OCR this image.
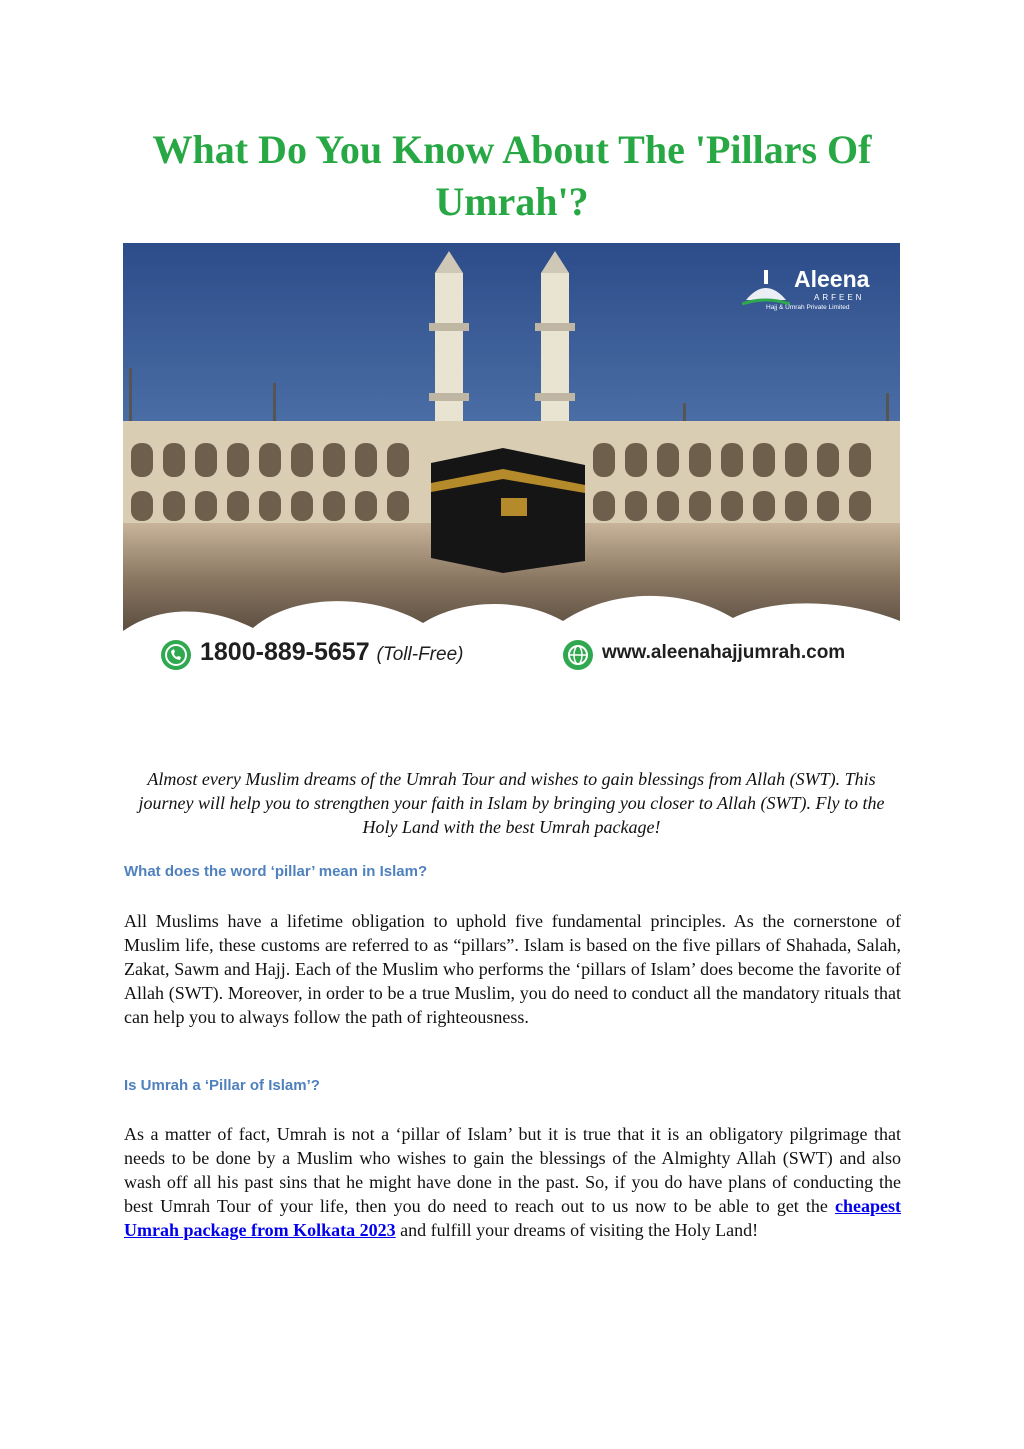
What Do You Know About The 'Pillars Of Umrah'?
Aleena
ARFEEN
Hajj & Umrah Private Limited
1800-889-5657 (Toll-Free)	www.aleenahajjumrah.com

Almost every Muslim dreams of the Umrah Tour and wishes to gain blessings from Allah (SWT). This journey will help you to strengthen your faith in Islam by bringing you closer to Allah (SWT). Fly to the Holy Land with the best Umrah package!

What does the word ‘pillar’ mean in Islam?

All Muslims have a lifetime obligation to uphold five fundamental principles. As the cornerstone of Muslim life, these customs are referred to as “pillars”. Islam is based on the five pillars of Shahada, Salah, Zakat, Sawm and Hajj. Each of the Muslim who performs the ‘pillars of Islam’ does become the favorite of Allah (SWT). Moreover, in order to be a true Muslim, you do need to conduct all the mandatory rituals that can help you to always follow the path of righteousness.

Is Umrah a ‘Pillar of Islam’?

As a matter of fact, Umrah is not a ‘pillar of Islam’ but it is true that it is an obligatory pilgrimage that needs to be done by a Muslim who wishes to gain the blessings of the Almighty Allah (SWT) and also wash off all his past sins that he might have done in the past. So, if you do have plans of conducting the best Umrah Tour of your life, then you do need to reach out to us now to be able to get the cheapest Umrah package from Kolkata 2023 and fulfill your dreams of visiting the Holy Land!
